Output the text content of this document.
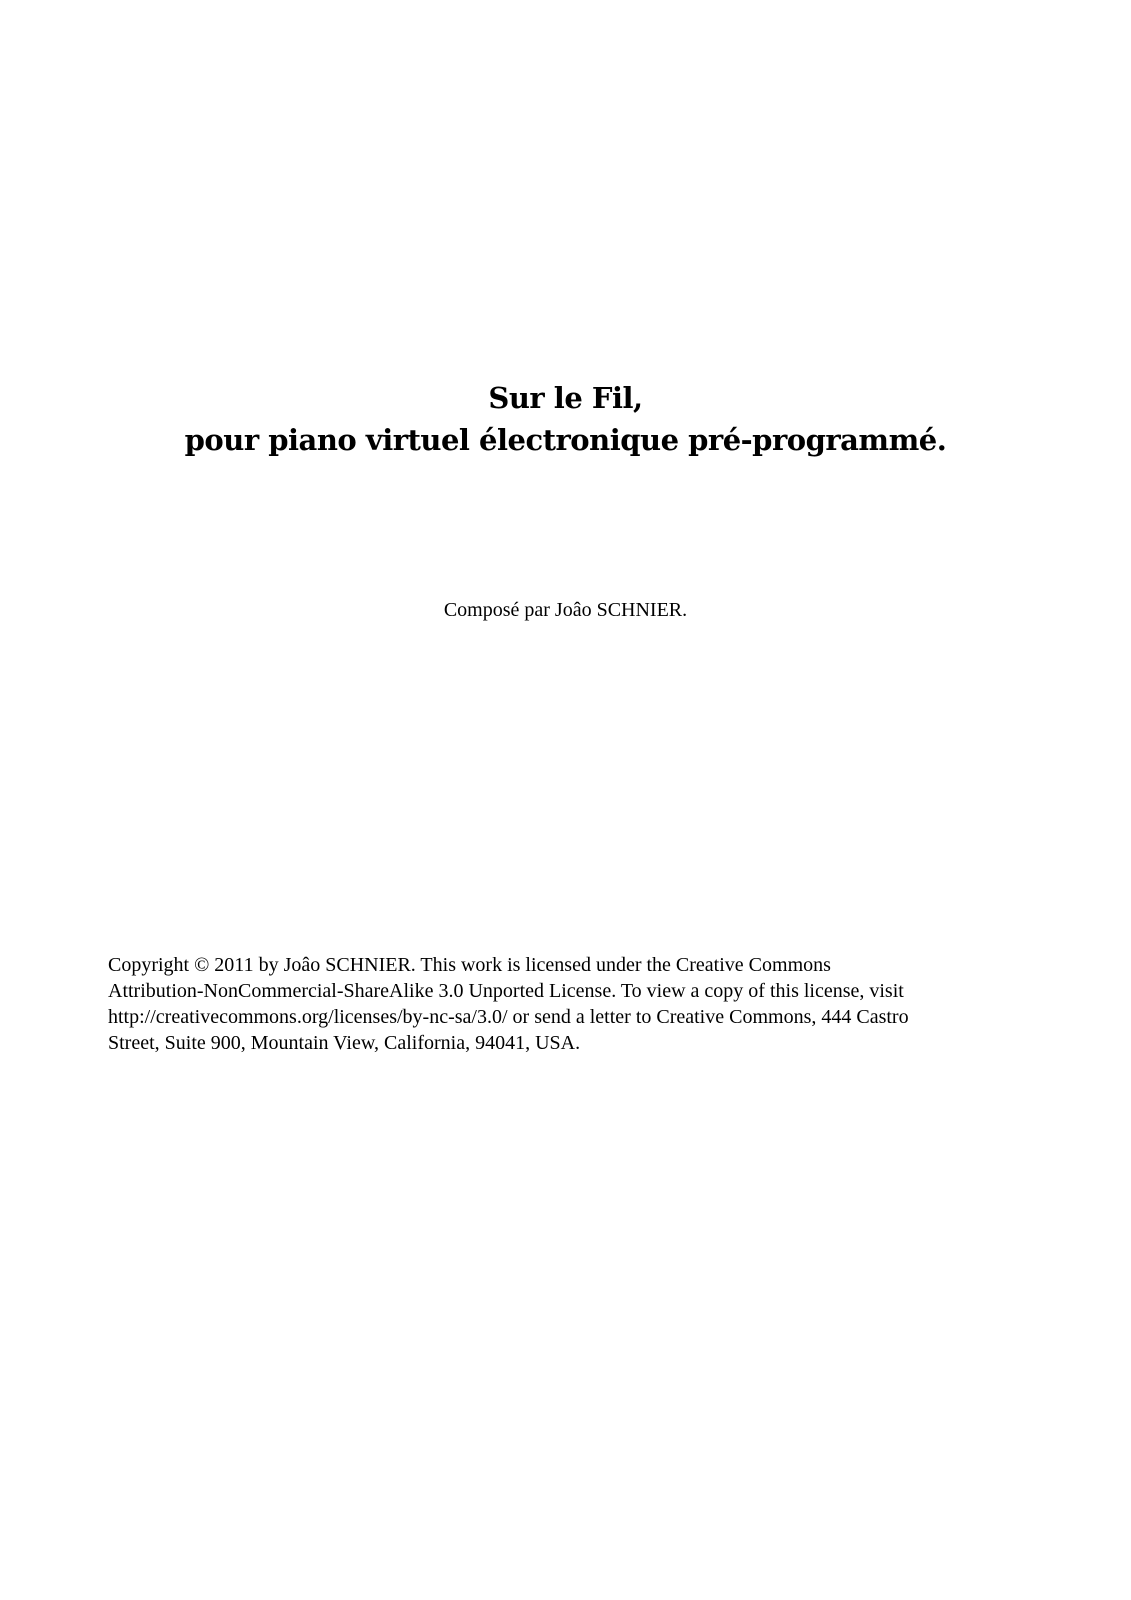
Sur le Fil,
pour piano virtuel électronique pré-programmé.
Composé par Joâo SCHNIER.
Copyright © 2011 by Joâo SCHNIER. This work is licensed under the Creative Commons
Attribution-NonCommercial-ShareAlike 3.0 Unported License. To view a copy of this license, visit
http://creativecommons.org/licenses/by-nc-sa/3.0/ or send a letter to Creative Commons, 444 Castro
Street, Suite 900, Mountain View, California, 94041, USA.
